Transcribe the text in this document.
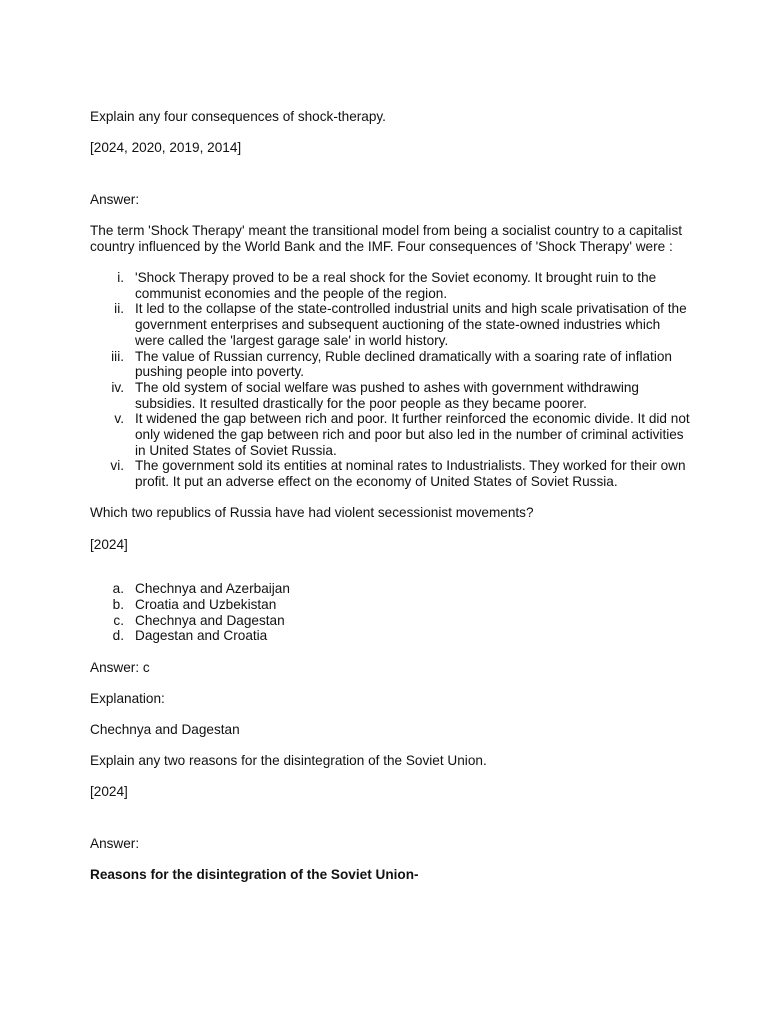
Explain any four consequences of shock-therapy.

[2024, 2020, 2019, 2014]

Answer:

The term 'Shock Therapy' meant the transitional model from being a socialist country to a capitalist country influenced by the World Bank and the IMF. Four consequences of 'Shock Therapy' were :

i. 'Shock Therapy proved to be a real shock for the Soviet economy. It brought ruin to the communist economies and the people of the region.
ii. It led to the collapse of the state-controlled industrial units and high scale privatisation of the government enterprises and subsequent auctioning of the state-owned industries which were called the 'largest garage sale' in world history.
iii. The value of Russian currency, Ruble declined dramatically with a soaring rate of inflation pushing people into poverty.
iv. The old system of social welfare was pushed to ashes with government withdrawing subsidies. It resulted drastically for the poor people as they became poorer.
v. It widened the gap between rich and poor. It further reinforced the economic divide. It did not only widened the gap between rich and poor but also led in the number of criminal activities in United States of Soviet Russia.
vi. The government sold its entities at nominal rates to Industrialists. They worked for their own profit. It put an adverse effect on the economy of United States of Soviet Russia.

Which two republics of Russia have had violent secessionist movements?

[2024]

a. Chechnya and Azerbaijan
b. Croatia and Uzbekistan
c. Chechnya and Dagestan
d. Dagestan and Croatia

Answer: c

Explanation:

Chechnya and Dagestan

Explain any two reasons for the disintegration of the Soviet Union.

[2024]

Answer:

Reasons for the disintegration of the Soviet Union-
